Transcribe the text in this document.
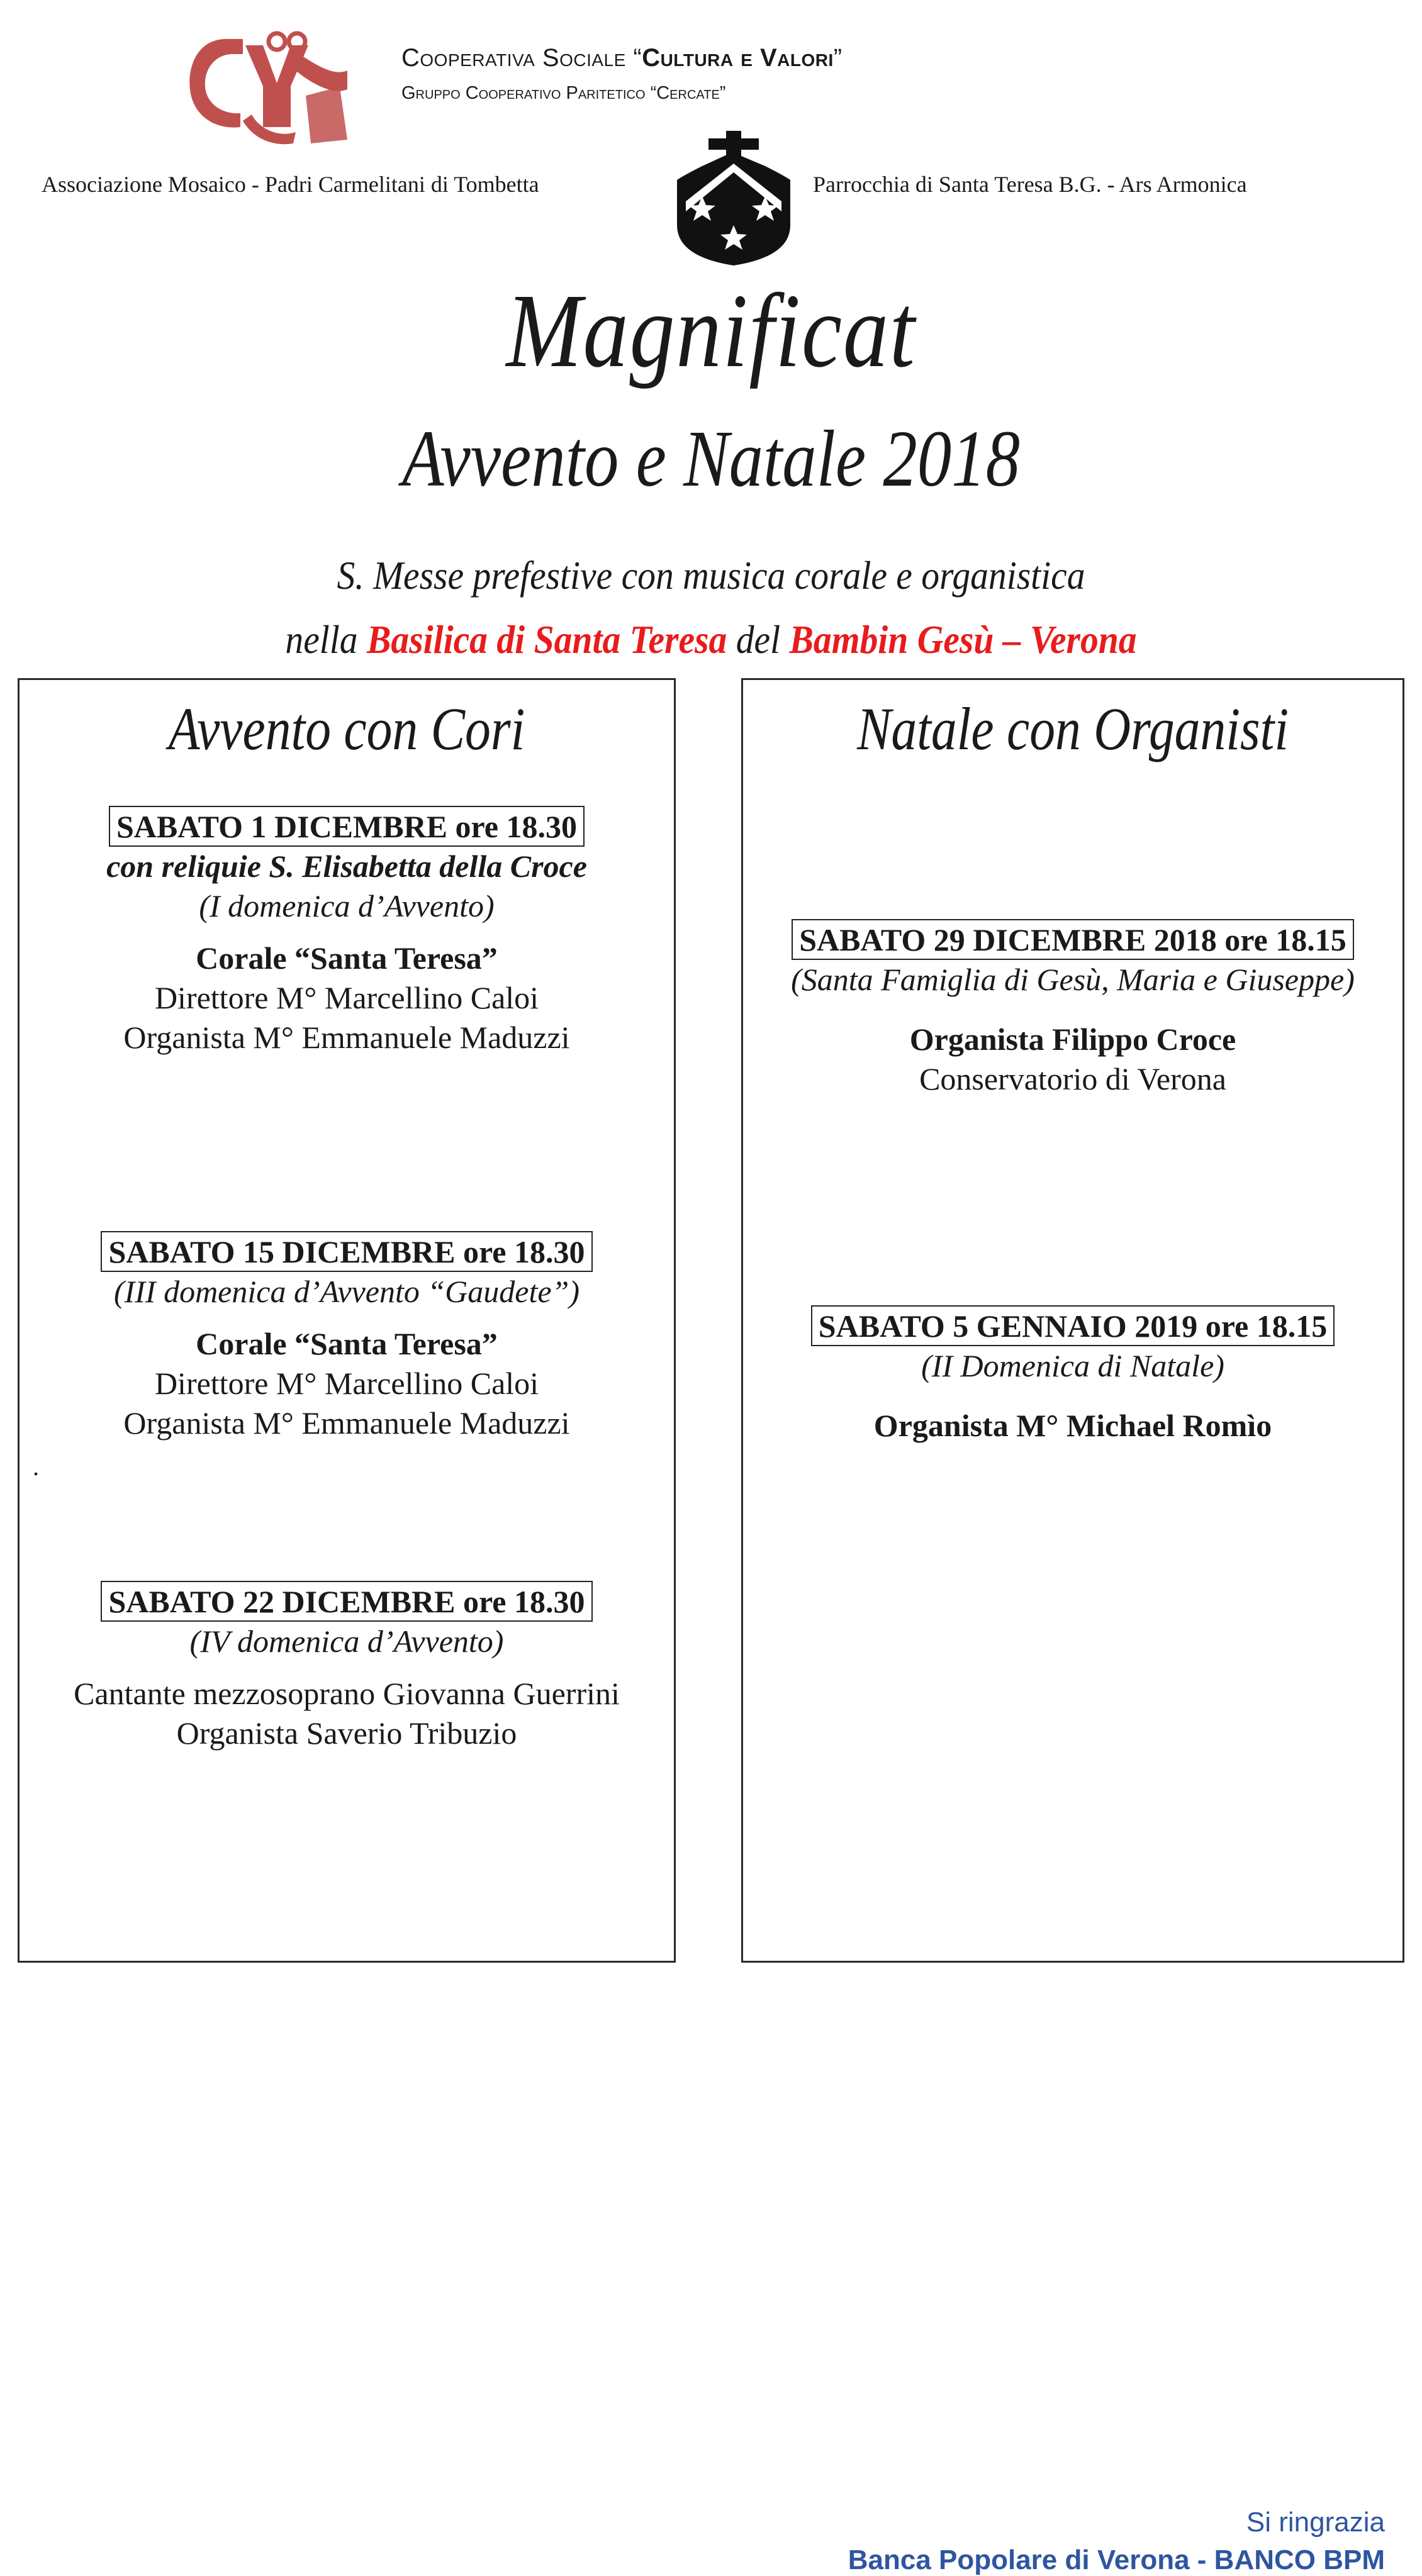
Cooperativa Sociale “Cultura e Valori”
Gruppo Cooperativo Paritetico “Cercate”
Associazione Mosaico - Padri Carmelitani di Tombetta	Parrocchia di Santa Teresa B.G. - Ars Armonica
Magnificat
Avvento e Natale 2018
S. Messe prefestive con musica corale e organistica
nella Basilica di Santa Teresa del Bambin Gesù – Verona
Avvento con Cori
SABATO 1 DICEMBRE ore 18.30
con reliquie S. Elisabetta della Croce
(I domenica d’Avvento)
Corale “Santa Teresa”
Direttore M° Marcellino Caloi
Organista M° Emmanuele Maduzzi
SABATO 15 DICEMBRE ore 18.30
(III domenica d’Avvento “Gaudete”)
Corale “Santa Teresa”
Direttore M° Marcellino Caloi
Organista M° Emmanuele Maduzzi
SABATO 22 DICEMBRE ore 18.30
(IV domenica d’Avvento)
Cantante mezzosoprano Giovanna Guerrini
Organista Saverio Tribuzio
.
Natale con Organisti
SABATO 29 DICEMBRE 2018 ore 18.15
(Santa Famiglia di Gesù, Maria e Giuseppe)
Organista Filippo Croce
Conservatorio di Verona
SABATO 5 GENNAIO 2019 ore 18.15
(II Domenica di Natale)
Organista M° Michael Romìo
Si ringrazia
Banca Popolare di Verona - BANCO BPM
